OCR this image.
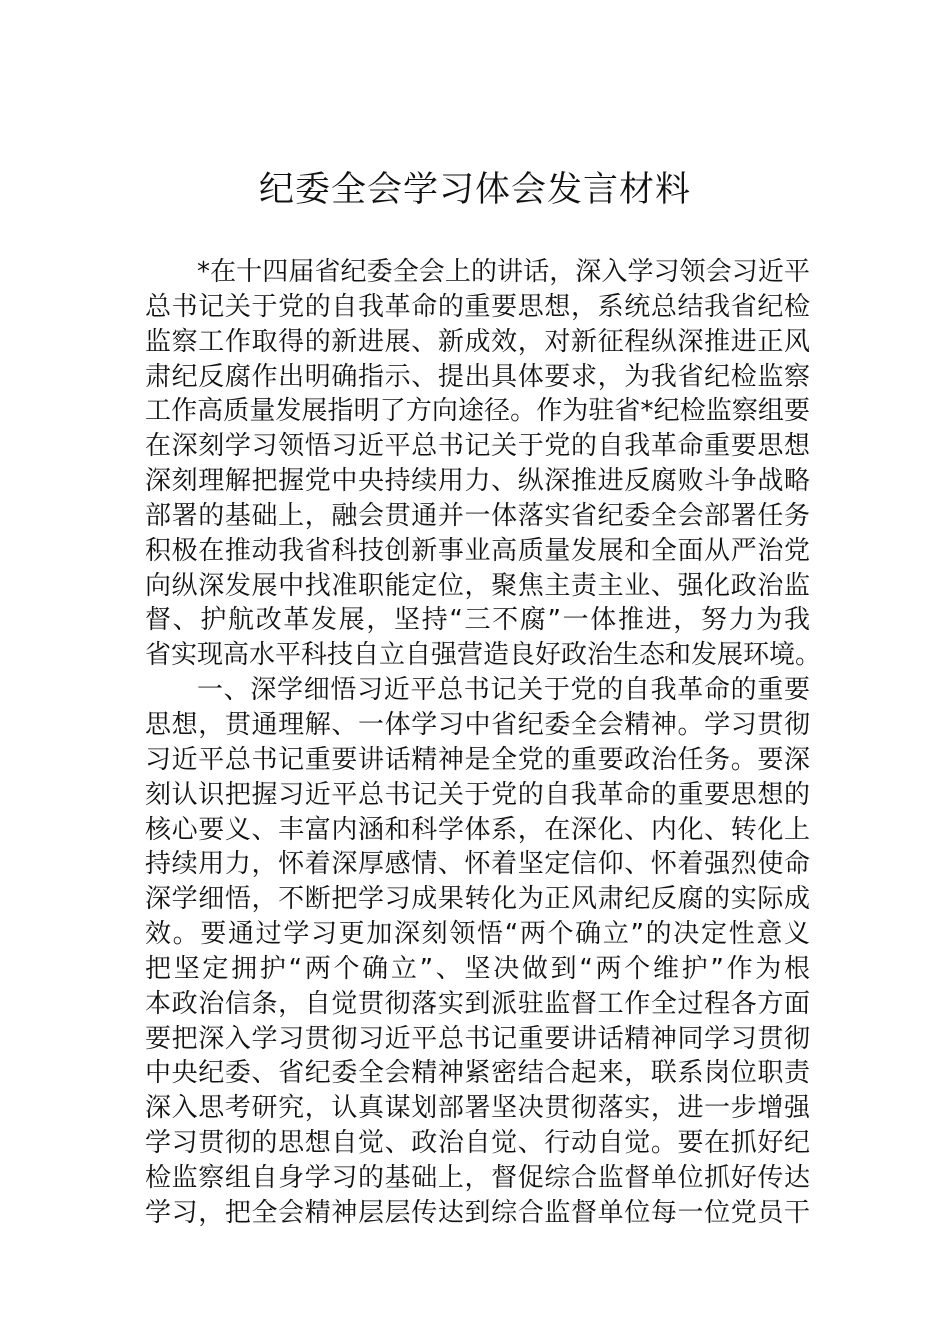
纪委全会学习体会发言材料
*在十四届省纪委全会上的讲话，深入学习领会习近平
总书记关于党的自我革命的重要思想，系统总结我省纪检
监察工作取得的新进展、新成效，对新征程纵深推进正风
肃纪反腐作出明确指示、提出具体要求，为我省纪检监察
工作高质量发展指明了方向途径。作为驻省*纪检监察组要
在深刻学习领悟习近平总书记关于党的自我革命重要思想
深刻理解把握党中央持续用力、纵深推进反腐败斗争战略
部署的基础上，融会贯通并一体落实省纪委全会部署任务
积极在推动我省科技创新事业高质量发展和全面从严治党
向纵深发展中找准职能定位，聚焦主责主业、强化政治监
督、护航改革发展，坚持“三不腐”一体推进，努力为我
省实现高水平科技自立自强营造良好政治生态和发展环境。
一、深学细悟习近平总书记关于党的自我革命的重要
思想，贯通理解、一体学习中省纪委全会精神。学习贯彻
习近平总书记重要讲话精神是全党的重要政治任务。要深
刻认识把握习近平总书记关于党的自我革命的重要思想的
核心要义、丰富内涵和科学体系，在深化、内化、转化上
持续用力，怀着深厚感情、怀着坚定信仰、怀着强烈使命
深学细悟，不断把学习成果转化为正风肃纪反腐的实际成
效。要通过学习更加深刻领悟“两个确立”的决定性意义
把坚定拥护“两个确立”、坚决做到“两个维护”作为根
本政治信条，自觉贯彻落实到派驻监督工作全过程各方面
要把深入学习贯彻习近平总书记重要讲话精神同学习贯彻
中央纪委、省纪委全会精神紧密结合起来，联系岗位职责
深入思考研究，认真谋划部署坚决贯彻落实，进一步增强
学习贯彻的思想自觉、政治自觉、行动自觉。要在抓好纪
检监察组自身学习的基础上，督促综合监督单位抓好传达
学习，把全会精神层层传达到综合监督单位每一位党员干
